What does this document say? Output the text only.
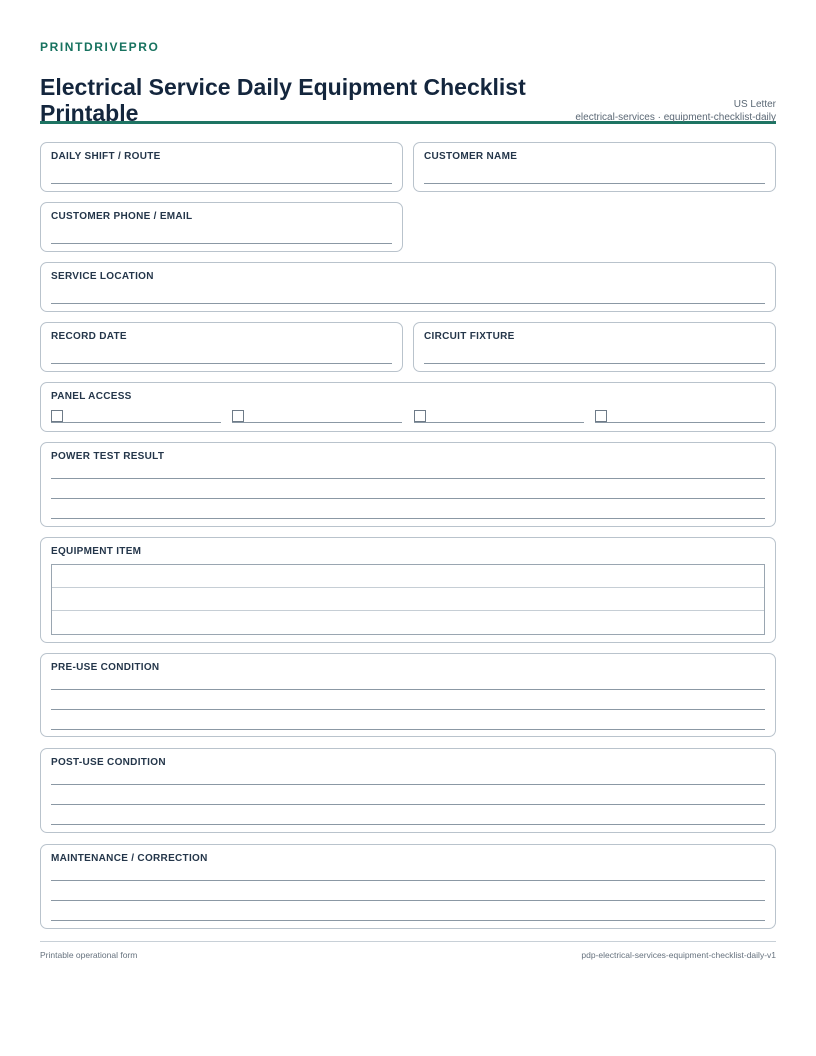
PRINTDRIVEPRO
Electrical Service Daily Equipment Checklist Printable	US Letter
electrical-services · equipment-checklist-daily
DAILY SHIFT / ROUTE	CUSTOMER NAME
CUSTOMER PHONE / EMAIL
SERVICE LOCATION
RECORD DATE	CIRCUIT FIXTURE
PANEL ACCESS
POWER TEST RESULT
EQUIPMENT ITEM
PRE-USE CONDITION
POST-USE CONDITION
MAINTENANCE / CORRECTION
Printable operational form	pdp-electrical-services-equipment-checklist-daily-v1
